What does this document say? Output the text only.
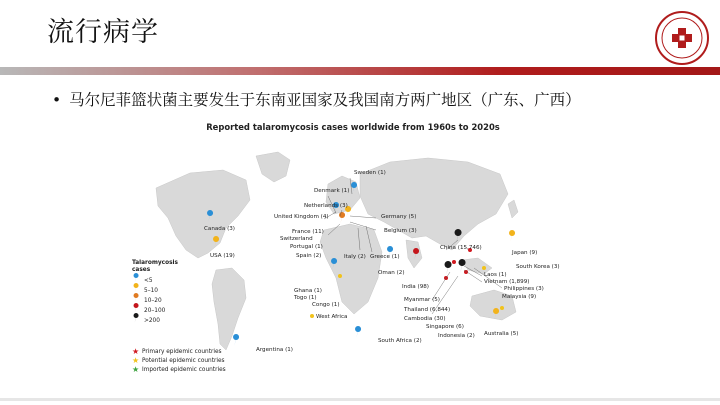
流行病学
• 马尔尼菲篮状菌主要发生于东南亚国家及我国南方两广地区（广东、广西）
Reported talaromycosis cases worldwide from 1960s to 2020s
Sweden (1)
Denmark (1)
Netherlands (3)
United Kingdom (4)	Germany (5)
Canada (3)	France (11)
Switzerland
Portugal (1)
Spain (2)
Belgium (3)
Italy (2) Greece (1)
USA (19)
China (15,746)
Japan (9)
South Korea (3)
Oman (2)
India (98)
Laos (1)
Vietnam (1,899)
Philippines (3)
Malaysia (9)
Myanmar (5)
Ghana (1)
Togo (1)
Thailand (6,844)
Congo (1)
Cambodia (30)
West Africa
Singapore (6)
Indonesia (2) Australia (5)
South Africa (2)
Argentina (1)
Talaromycosis
cases
<5
5–10
10–20
20–100
>200
★ Primary epidemic countries
★ Potential epidemic countries
★ Imported epidemic countries
